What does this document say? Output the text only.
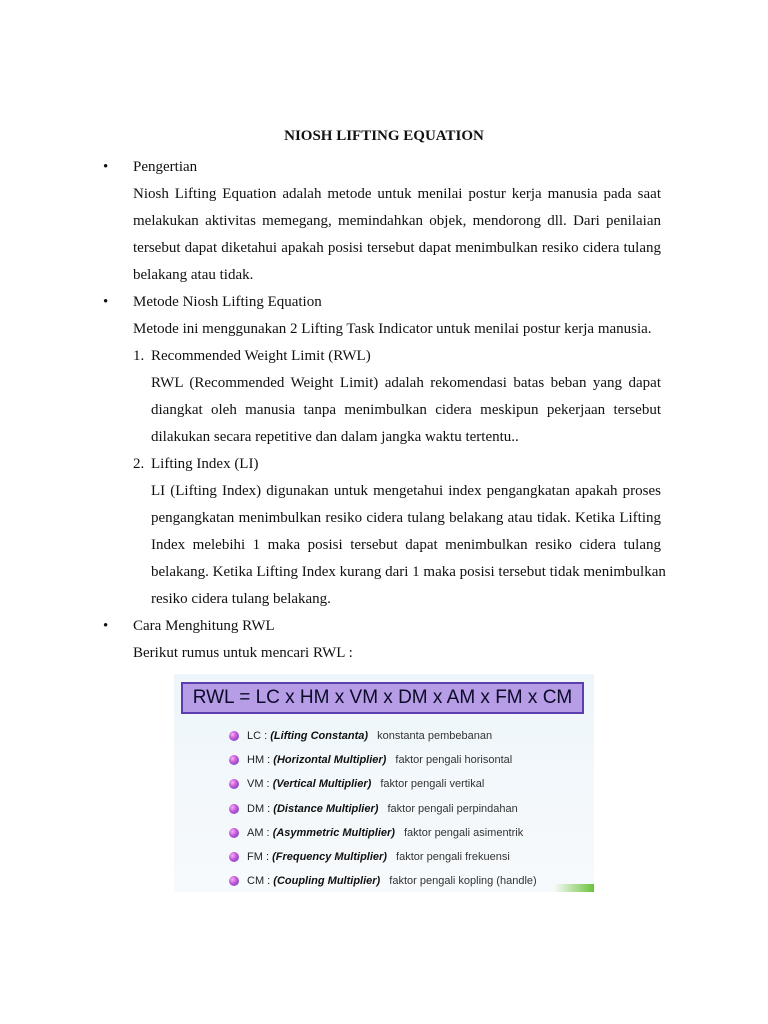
NIOSH LIFTING EQUATION
• Pengertian
Niosh Lifting Equation adalah metode untuk menilai postur kerja manusia pada saat
melakukan aktivitas memegang, memindahkan objek, mendorong dll. Dari penilaian
tersebut dapat diketahui apakah posisi tersebut dapat menimbulkan resiko cidera tulang
belakang atau tidak.
• Metode Niosh Lifting Equation
Metode ini menggunakan 2 Lifting Task Indicator untuk menilai postur kerja manusia.
1. Recommended Weight Limit (RWL)
RWL (Recommended Weight Limit) adalah rekomendasi batas beban yang dapat
diangkat oleh manusia tanpa menimbulkan cidera meskipun pekerjaan tersebut
dilakukan secara repetitive dan dalam jangka waktu tertentu..
2. Lifting Index (LI)
LI (Lifting Index) digunakan untuk mengetahui index pengangkatan apakah proses
pengangkatan menimbulkan resiko cidera tulang belakang atau tidak. Ketika Lifting
Index melebihi 1 maka posisi tersebut dapat menimbulkan resiko cidera tulang
belakang. Ketika Lifting Index kurang dari 1 maka posisi tersebut tidak menimbulkan
resiko cidera tulang belakang.
• Cara Menghitung RWL
Berikut rumus untuk mencari RWL :
RWL = LC x HM x VM x DM x AM x FM x CM
LC : (Lifting Constanta) konstanta pembebanan
HM : (Horizontal Multiplier) faktor pengali horisontal
VM : (Vertical Multiplier) faktor pengali vertikal
DM : (Distance Multiplier) faktor pengali perpindahan
AM : (Asymmetric Multiplier) faktor pengali asimentrik
FM : (Frequency Multiplier) faktor pengali frekuensi
CM : (Coupling Multiplier) faktor pengali kopling (handle)
